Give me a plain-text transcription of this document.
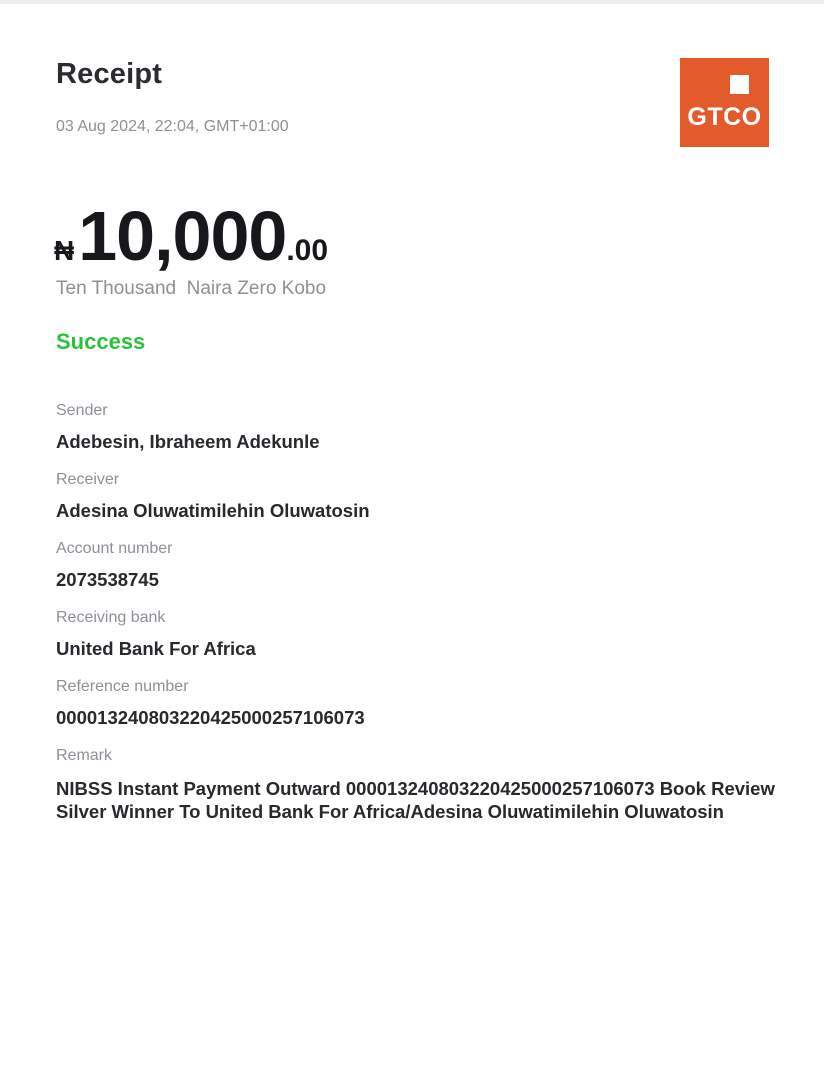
Receipt
03 Aug 2024, 22:04, GMT+01:00	GTCO
₦10,000.00
Ten Thousand  Naira Zero Kobo
Success
Sender
Adebesin, Ibraheem Adekunle
Receiver
Adesina Oluwatimilehin Oluwatosin
Account number
2073538745
Receiving bank
United Bank For Africa
Reference number
000013240803220425000257106073
Remark
NIBSS Instant Payment Outward 000013240803220425000257106073 Book Review Silver Winner To United Bank For Africa/Adesina Oluwatimilehin Oluwatosin
